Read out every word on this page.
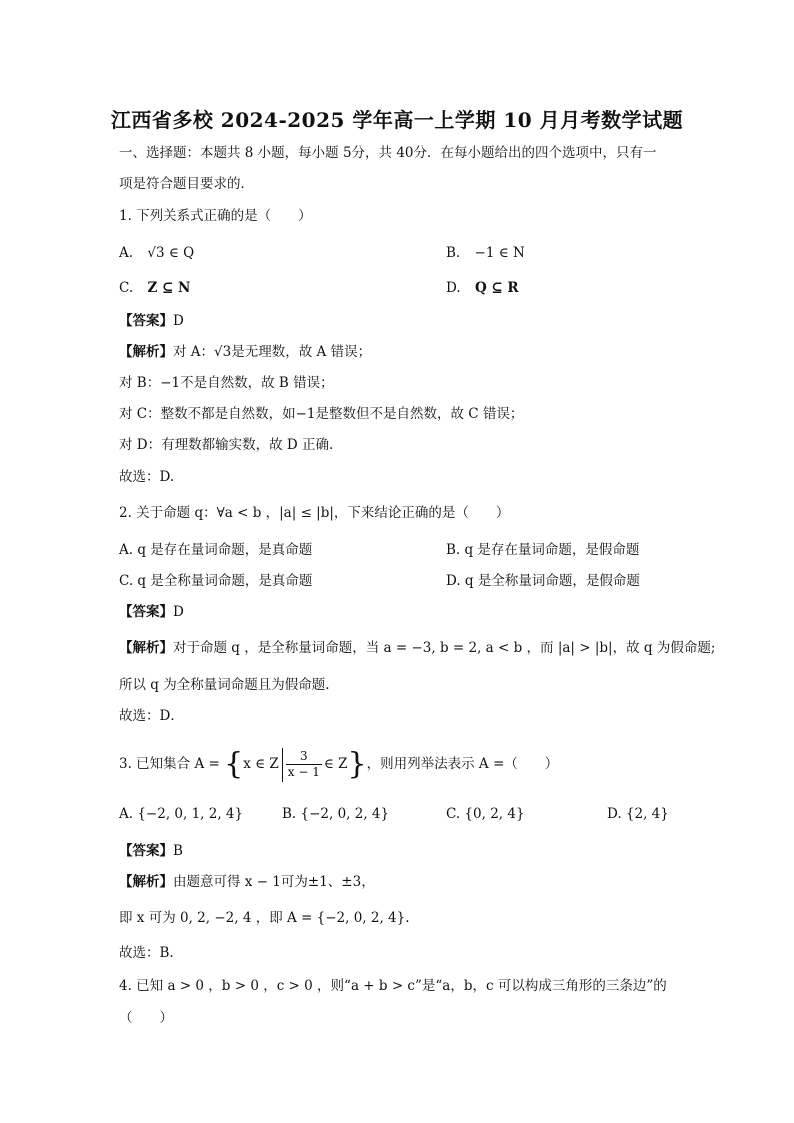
江西省多校 2024-2025 学年高一上学期 10 月月考数学试题
一、选择题：本题共 8 小题，每小题 5分，共 40分．在每小题给出的四个选项中，只有一
项是符合题目要求的．
1. 下列关系式正确的是（　　）
A. √3 ∈ Q	B. −1 ∈ N
C. Z ⊆ N	D. Q ⊆ R
【答案】D
【解析】对 A：√3是无理数，故 A 错误；
对 B：−1不是自然数，故 B 错误；
对 C：整数不都是自然数，如−1是整数但不是自然数，故 C 错误；
对 D：有理数都输实数，故 D 正确.
故选：D.
2. 关于命题 q：∀a < b ，|a| ≤ |b|，下来结论正确的是（　　）
A. q 是存在量词命题，是真命题	B. q 是存在量词命题，是假命题
C. q 是全称量词命题，是真命题	D. q 是全称量词命题，是假命题
【答案】D
【解析】对于命题 q ，是全称量词命题，当 a = −3, b = 2, a < b ，而 |a| > |b|，故 q 为假命题;
所以 q 为全称量词命题且为假命题.
故选：D．
3. 已知集合 A = {x ∈ Z $\frac{3}{x - 1}$ ∈ Z}，则用列举法表示 A =（　　）
A. {−2, 0, 1, 2, 4}	B. {−2, 0, 2, 4}	C. {0, 2, 4}	D. {2, 4}
【答案】B
【解析】由题意可得 x − 1可为±1、±3，
即 x 可为 0, 2, −2, 4 ，即 A = {−2, 0, 2, 4}.
故选：B.
4. 已知 a > 0 ，b > 0 ，c > 0 ，则“a + b > c”是“a，b，c 可以构成三角形的三条边”的
（　　）
